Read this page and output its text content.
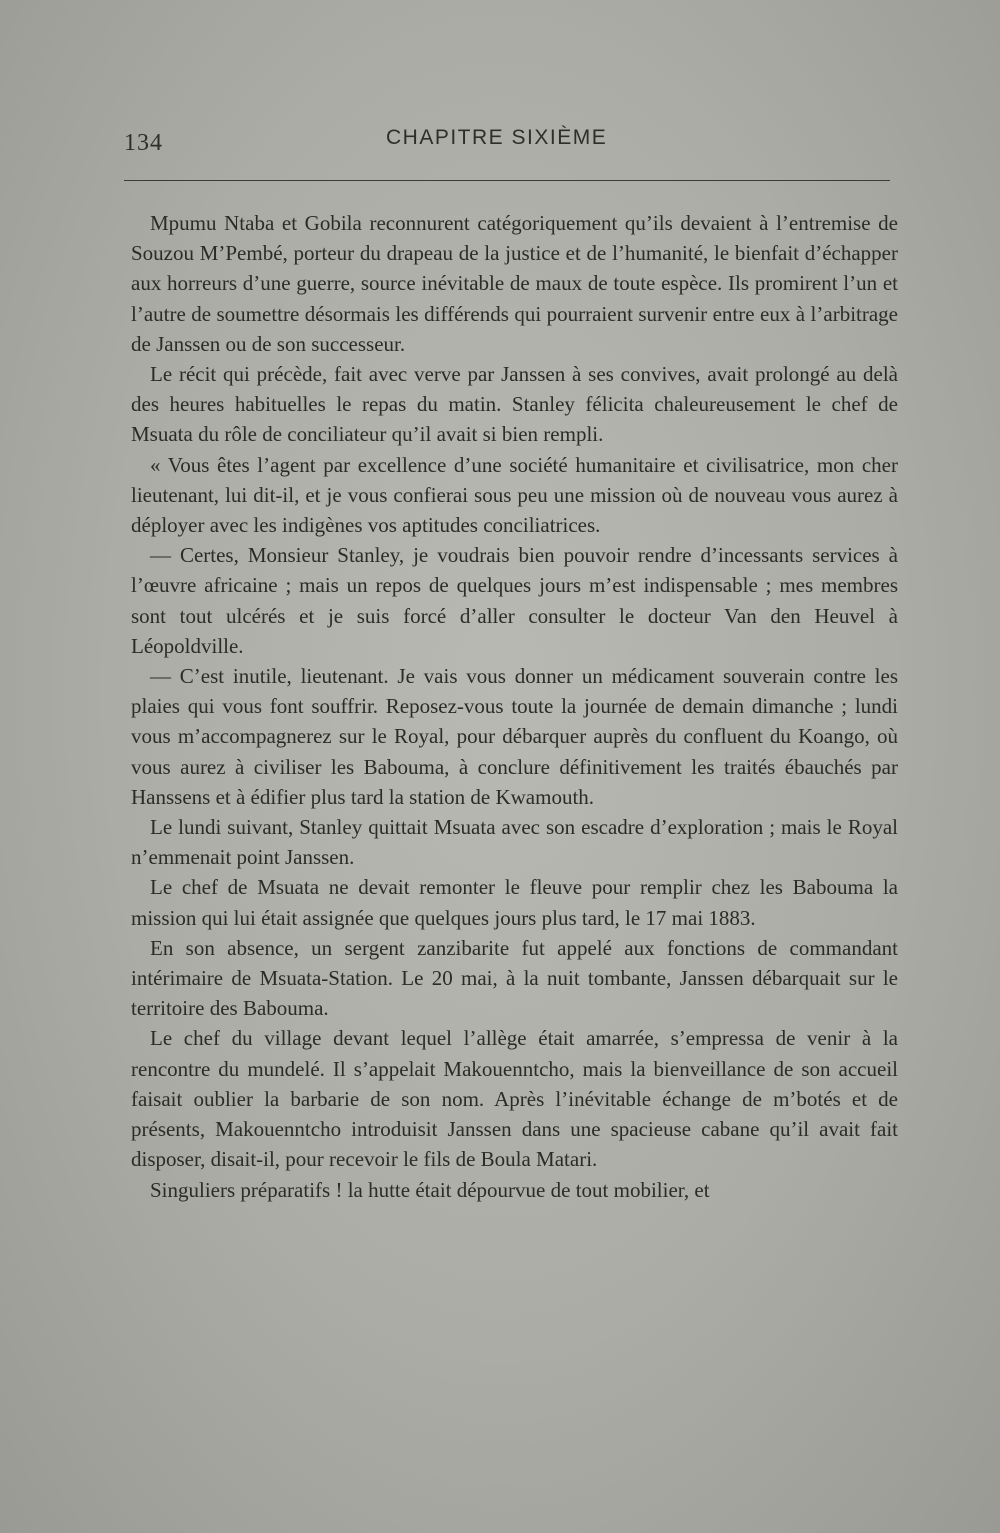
134	CHAPITRE SIXIÈME

Mpumu Ntaba et Gobila reconnurent catégoriquement qu’ils devaient à l’entremise de Souzou M’Pembé, porteur du drapeau de la justice et de l’humanité, le bienfait d’échapper aux horreurs d’une guerre, source inévitable de maux de toute espèce. Ils promirent l’un et l’autre de soumettre désormais les différends qui pourraient survenir entre eux à l’arbitrage de Janssen ou de son successeur.

Le récit qui précède, fait avec verve par Janssen à ses convives, avait prolongé au delà des heures habituelles le repas du matin. Stanley félicita chaleureusement le chef de Msuata du rôle de conciliateur qu’il avait si bien rempli.

« Vous êtes l’agent par excellence d’une société humanitaire et civilisatrice, mon cher lieutenant, lui dit-il, et je vous confierai sous peu une mission où de nouveau vous aurez à déployer avec les indigènes vos aptitudes conciliatrices.

— Certes, Monsieur Stanley, je voudrais bien pouvoir rendre d’incessants services à l’œuvre africaine ; mais un repos de quelques jours m’est indispensable ; mes membres sont tout ulcérés et je suis forcé d’aller consulter le docteur Van den Heuvel à Léopoldville.

— C’est inutile, lieutenant. Je vais vous donner un médicament souverain contre les plaies qui vous font souffrir. Reposez-vous toute la journée de demain dimanche ; lundi vous m’accompagnerez sur le Royal, pour débarquer auprès du confluent du Koango, où vous aurez à civiliser les Babouma, à conclure définitivement les traités ébauchés par Hanssens et à édifier plus tard la station de Kwamouth.

Le lundi suivant, Stanley quittait Msuata avec son escadre d’exploration ; mais le Royal n’emmenait point Janssen.

Le chef de Msuata ne devait remonter le fleuve pour remplir chez les Babouma la mission qui lui était assignée que quelques jours plus tard, le 17 mai 1883.

En son absence, un sergent zanzibarite fut appelé aux fonctions de commandant intérimaire de Msuata-Station. Le 20 mai, à la nuit tombante, Janssen débarquait sur le territoire des Babouma.

Le chef du village devant lequel l’allège était amarrée, s’empressa de venir à la rencontre du mundelé. Il s’appelait Makouenntcho, mais la bienveillance de son accueil faisait oublier la barbarie de son nom. Après l’inévitable échange de m’botés et de présents, Makouenntcho introduisit Janssen dans une spacieuse cabane qu’il avait fait disposer, disait-il, pour recevoir le fils de Boula Matari.

Singuliers préparatifs ! la hutte était dépourvue de tout mobilier, et
